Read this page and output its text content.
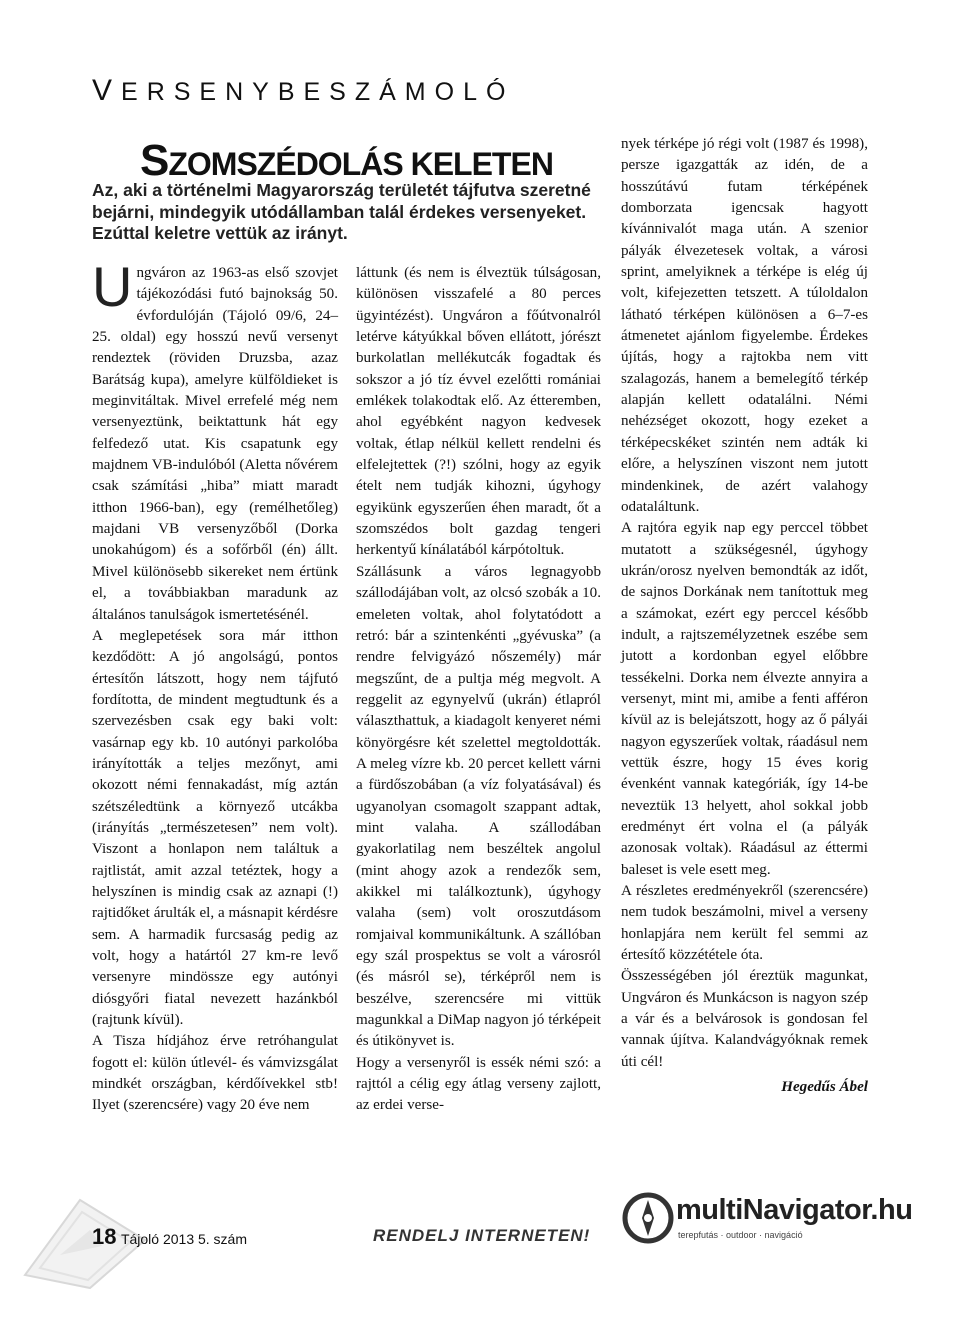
VERSENYBESZÁMOLÓ
SZOMSZÉDOLÁS KELETEN
Az, aki a történelmi Magyarország területét tájfutva szeretné bejárni, mindegyik utódállamban talál érdekes versenyeket. Ezúttal keletre vettük az irányt.

Ungváron az 1963-as első szovjet tájékozódási futó bajnokság 50. évfordulóján (Tájoló 09/6, 24–25. oldal) egy hosszú nevű versenyt rendeztek (röviden Druzsba, azaz Barátság kupa), amelyre külföldieket is meginvitáltak. Mivel errefelé még nem versenyeztünk, beiktattunk hát egy felfedező utat. Kis csapatunk egy majdnem VB-indulóból (Aletta nővérem csak számítási „hiba” miatt maradt itthon 1966-ban), egy (remélhetőleg) majdani VB versenyzőből (Dorka unokahúgom) és a sofőrből (én) állt. Mivel különösebb sikereket nem értünk el, a továbbiakban maradunk az általános tanulságok ismertetésénél.

A meglepetések sora már itthon kezdődött: A jó angolságú, pontos értesítőn látszott, hogy nem tájfutó fordította, de mindent megtudtunk és a szervezésben csak egy baki volt: vasárnap egy kb. 10 autónyi parkolóba irányították a teljes mezőnyt, ami okozott némi fennakadást, míg aztán szétszéledtünk a környező utcákba (irányítás „természetesen” nem volt). Viszont a honlapon nem találtuk a rajtlistát, amit azzal tetéztek, hogy a helyszínen is mindig csak az aznapi (!) rajtidőket árulták el, a másnapit kérdésre sem. A harmadik furcsaság pedig az volt, hogy a határtól 27 km-re levő versenyre mindössze egy autónyi diósgyőri fiatal nevezett hazánkból (rajtunk kívül).

A Tisza hídjához érve retróhangulat fogott el: külön útlevél- és vámvizsgálat mindkét országban, kérdőívekkel stb! Ilyet (szerencsére) vagy 20 éve nem

láttunk (és nem is élveztük túlságosan, különösen visszafelé a 80 perces ügyintézést). Ungváron a főútvonalról letérve kátyúkkal bőven ellátott, jórészt burkolatlan mellékutcák fogadtak és sokszor a jó tíz évvel ezelőtti romániai emlékek tolakodtak elő. Az étteremben, ahol egyébként nagyon kedvesek voltak, étlap nélkül kellett rendelni és elfelejtettek (?!) szólni, hogy az egyik ételt nem tudják kihozni, úgyhogy egyikünk egyszerűen éhen maradt, őt a szomszédos bolt gazdag tengeri herkentyű kínálatából kárpótoltuk.

Szállásunk a város legnagyobb szállodájában volt, az olcsó szobák a 10. emeleten voltak, ahol folytatódott a retró: bár a szintenkénti „gyévuska” (a rendre felvigyázó nőszemély) már megszűnt, de a pultja még megvolt. A reggelit az egynyelvű (ukrán) étlapról választhattuk, a kiadagolt kenyeret némi könyörgésre két szelettel megtoldották. A meleg vízre kb. 20 percet kellett várni a fürdőszobában (a víz folyatásával) és ugyanolyan csomagolt szappant adtak, mint valaha. A szállodában gyakorlatilag nem beszéltek angolul (mint ahogy azok a rendezők sem, akikkel mi találkoztunk), úgyhogy valaha (sem) volt oroszutdásom romjaival kommunikáltunk. A szállóban egy szál prospektus se volt a városról (és másról se), térképről nem is beszélve, szerencsére mi vittük magunkkal a DiMap nagyon jó térképeit és útikönyvet is.

Hogy a versenyről is essék némi szó: a rajttól a célig egy átlag verseny zajlott, az erdei verse-

nyek térképe jó régi volt (1987 és 1998), persze igazgatták az idén, de a hosszútávú futam térképének domborzata igencsak hagyott kívánnivalót maga után. A szenior pályák élvezetesek voltak, a városi sprint, amelyiknek a térképe is elég új volt, kifejezetten tetszett. A túloldalon látható térképen különösen a 6–7-es átmenetet ajánlom figyelembe. Érdekes újítás, hogy a rajtokba nem vitt szalagozás, hanem a bemelegítő térkép alapján kellett odatalálni. Némi nehézséget okozott, hogy ezeket a térképecskéket szintén nem adták ki előre, a helyszínen viszont nem jutott mindenkinek, de azért valahogy odataláltunk.

A rajtóra egyik nap egy perccel többet mutatott a szükségesnél, úgyhogy ukrán/orosz nyelven bemondták az időt, de sajnos Dorkának nem tanítottuk meg a számokat, ezért egy perccel később indult, a rajtszemélyzetnek eszébe sem jutott a kordonban egyel előbbre tessékelni. Dorka nem élvezte annyira a versenyt, mint mi, amibe a fenti afféron kívül az is belejátszott, hogy az ő pályái nagyon egyszerűek voltak, ráadásul nem vettük észre, hogy 15 éves korig évenként vannak kategóriák, így 14-be neveztük 13 helyett, ahol sokkal jobb eredményt ért volna el (a pályák azonosak voltak). Ráadásul az éttermi baleset is vele esett meg.

A részletes eredményekről (szerencsére) nem tudok beszámolni, mivel a verseny honlapjára nem került fel semmi az értesítő közzététele óta.

Összességében jól éreztük magunkat, Ungváron és Munkácson is nagyon szép a vár és a belvárosok is gondosan fel vannak újítva. Kalandvágyóknak remek úti cél!

Hegedűs Ábel

18 Tájoló 2013 5. szám	RENDELJ INTERNETEN!
multiNavigator.hu
terepfutás · outdoor · navigáció
